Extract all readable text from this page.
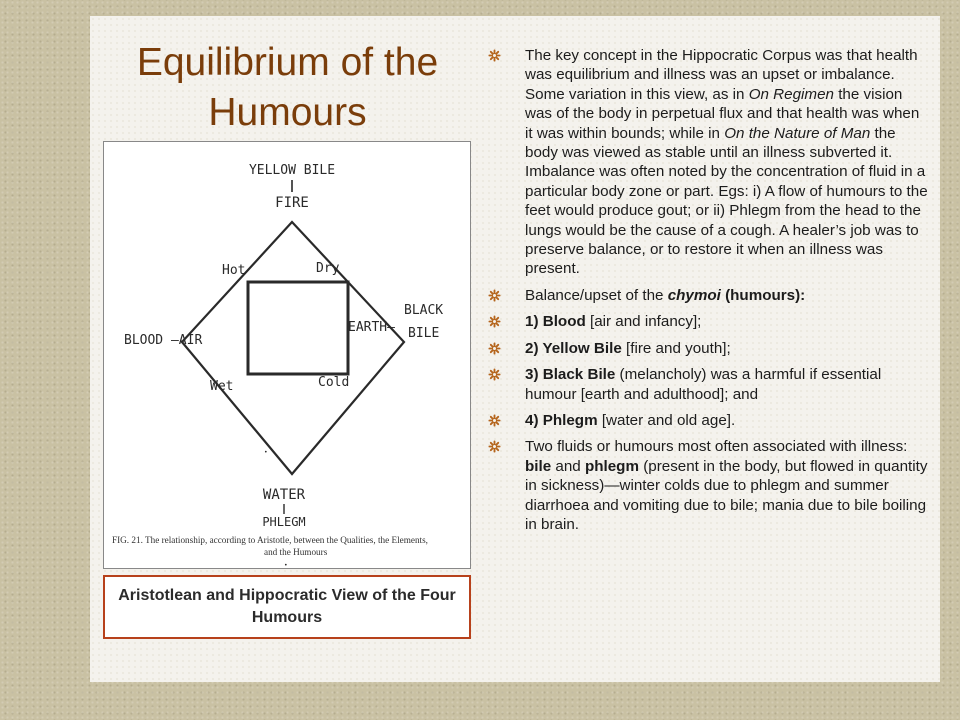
Equilibrium of the
Humours
YELLOW BILE
FIRE
Hot	Dry
BLOOD –AIR
EARTH–
BLACK
BILE
Wet	Cold
•
WATER
PHLEGM
FIG. 21. The relationship, according to Aristotle, between the Qualities, the Elements,
and the Humours
•
Aristotlean and Hippocratic View of the Four Humours
The key concept in the Hippocratic Corpus was that health was equilibrium and illness was an upset or imbalance. Some variation in this view, as in On Regimen the vision was of the body in perpetual flux and that health was when it was within bounds; while in On the Nature of Man the body was viewed as stable until an illness subverted it. Imbalance was often noted by the concentration of fluid in a particular body zone or part. Egs: i) A flow of humours to the feet would produce gout; or ii) Phlegm from the head to the lungs would be the cause of a cough. A healer’s job was to preserve balance, or to restore it when an illness was present.
Balance/upset of the chymoi (humours):
1) Blood [air and infancy];
2) Yellow Bile [fire and youth];
3) Black Bile (melancholy) was a harmful if essential humour [earth and adulthood]; and
4) Phlegm [water and old age].
Two fluids or humours most often associated with illness: bile and phlegm (present in the body, but flowed in quantity in sickness)—winter colds due to phlegm and summer diarrhoea and vomiting due to bile; mania due to bile boiling in brain.
